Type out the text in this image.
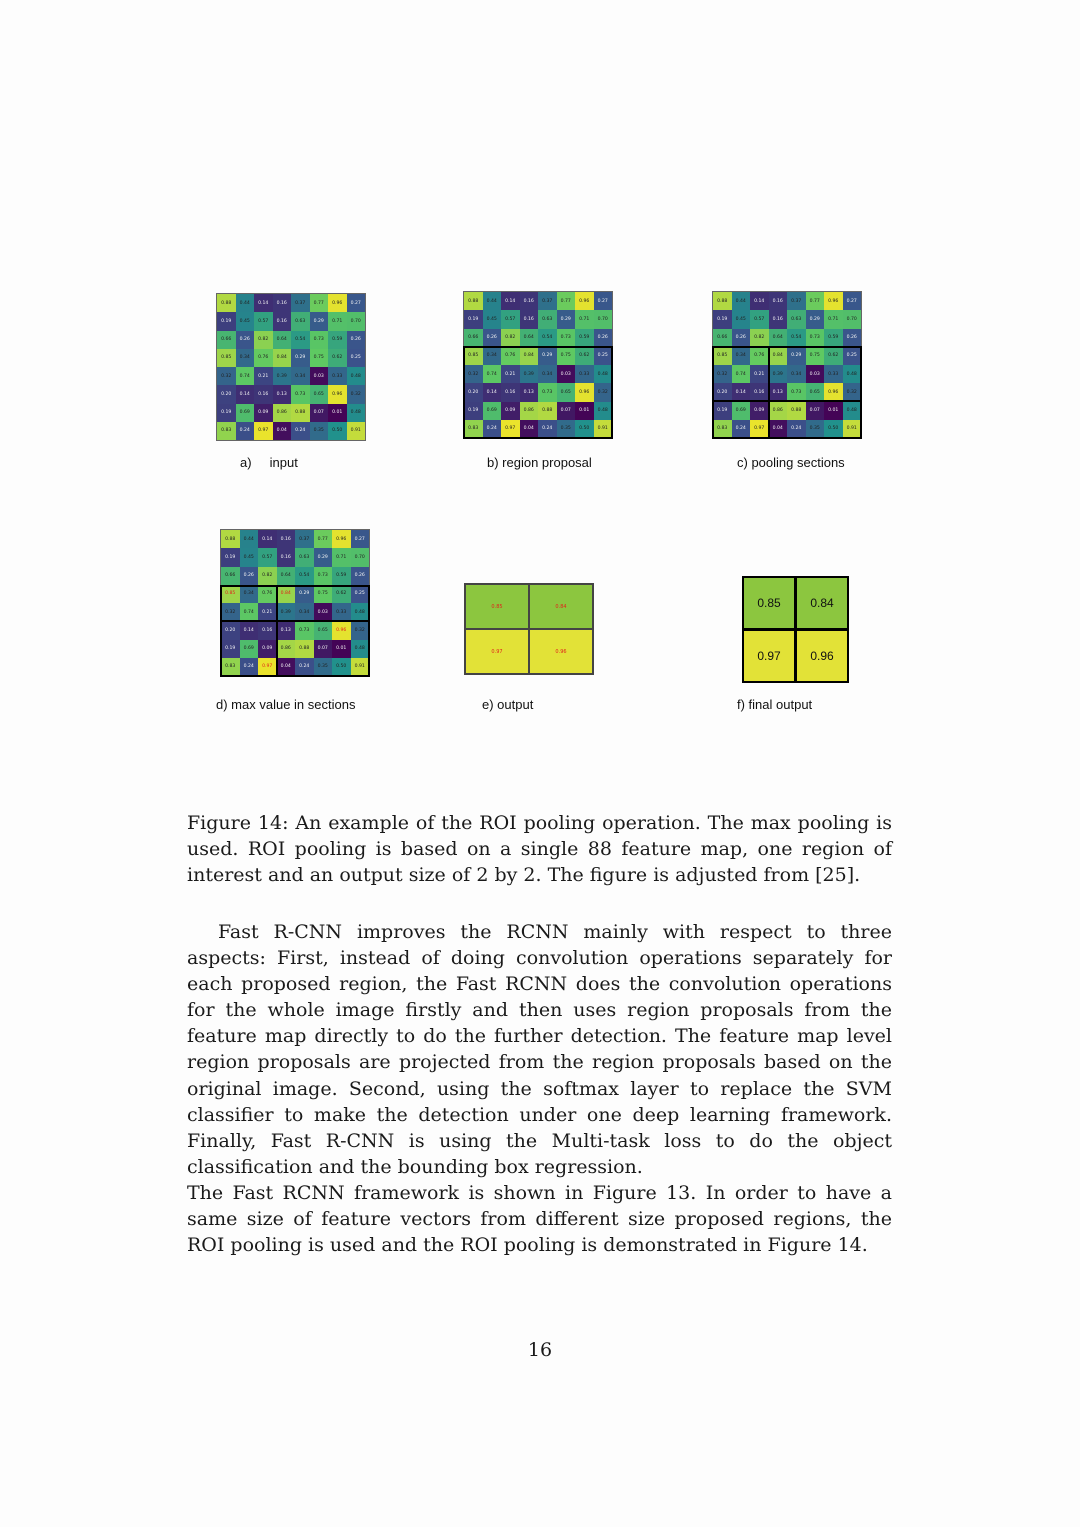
0.88	0.44	0.14	0.16	0.37	0.77	0.96	0.27
0.19	0.45	0.57	0.16	0.63	0.29	0.71	0.70
0.66	0.26	0.82	0.64	0.54	0.73	0.59	0.26
0.85	0.34	0.76	0.84	0.29	0.75	0.62	0.25
0.32	0.74	0.21	0.39	0.34	0.03	0.33	0.48
0.20	0.14	0.16	0.13	0.73	0.65	0.96	0.32
0.19	0.69	0.09	0.86	0.88	0.07	0.01	0.48
0.83	0.24	0.97	0.04	0.24	0.35	0.50	0.91
a)     input
0.88	0.44	0.14	0.16	0.37	0.77	0.96	0.27
0.19	0.45	0.57	0.16	0.63	0.29	0.71	0.70
0.66	0.26	0.82	0.64	0.54	0.73	0.59	0.26
0.85	0.34	0.76	0.84	0.29	0.75	0.62	0.25
0.32	0.74	0.21	0.39	0.34	0.03	0.33	0.48
0.20	0.14	0.16	0.13	0.73	0.65	0.96	0.32
0.19	0.69	0.09	0.86	0.88	0.07	0.01	0.48
0.83	0.24	0.97	0.04	0.24	0.35	0.50	0.91
b) region proposal
0.88	0.44	0.14	0.16	0.37	0.77	0.96	0.27
0.19	0.45	0.57	0.16	0.63	0.29	0.71	0.70
0.66	0.26	0.82	0.64	0.54	0.73	0.59	0.26
0.85	0.34	0.76	0.84	0.29	0.75	0.62	0.25
0.32	0.74	0.21	0.39	0.34	0.03	0.33	0.48
0.20	0.14	0.16	0.13	0.73	0.65	0.96	0.32
0.19	0.69	0.09	0.86	0.88	0.07	0.01	0.48
0.83	0.24	0.97	0.04	0.24	0.35	0.50	0.91
c) pooling sections
0.88	0.44	0.14	0.16	0.37	0.77	0.96	0.27
0.19	0.45	0.57	0.16	0.63	0.29	0.71	0.70
0.66	0.26	0.82	0.64	0.54	0.73	0.59	0.26
0.85	0.34	0.76	0.84	0.29	0.75	0.62	0.25
0.32	0.74	0.21	0.39	0.34	0.03	0.33	0.48
0.20	0.14	0.16	0.13	0.73	0.65	0.96	0.32
0.19	0.69	0.09	0.86	0.88	0.07	0.01	0.48
0.83	0.24	0.97	0.04	0.24	0.35	0.50	0.91
d) max value in sections
0.85	0.84
0.97	0.96
e) output
0.85	0.84
0.97	0.96
f) final output

Figure 14: An example of the ROI pooling operation. The max pooling is used. ROI pooling is based on a single 88 feature map, one region of interest and an output size of 2 by 2. The figure is adjusted from [25].

Fast R-CNN improves the RCNN mainly with respect to three aspects: First, instead of doing convolution operations separately for each proposed region, the Fast RCNN does the convolution operations for the whole image firstly and then uses region proposals from the feature map directly to do the further detection. The feature map level region proposals are projected from the region proposals based on the original image. Second, using the softmax layer to replace the SVM classifier to make the detection under one deep learning framework. Finally, Fast R-CNN is using the Multi-task loss to do the object classification and the bounding box regression.

The Fast RCNN framework is shown in Figure 13. In order to have a same size of feature vectors from different size proposed regions, the ROI pooling is used and the ROI pooling is demonstrated in Figure 14.

16
